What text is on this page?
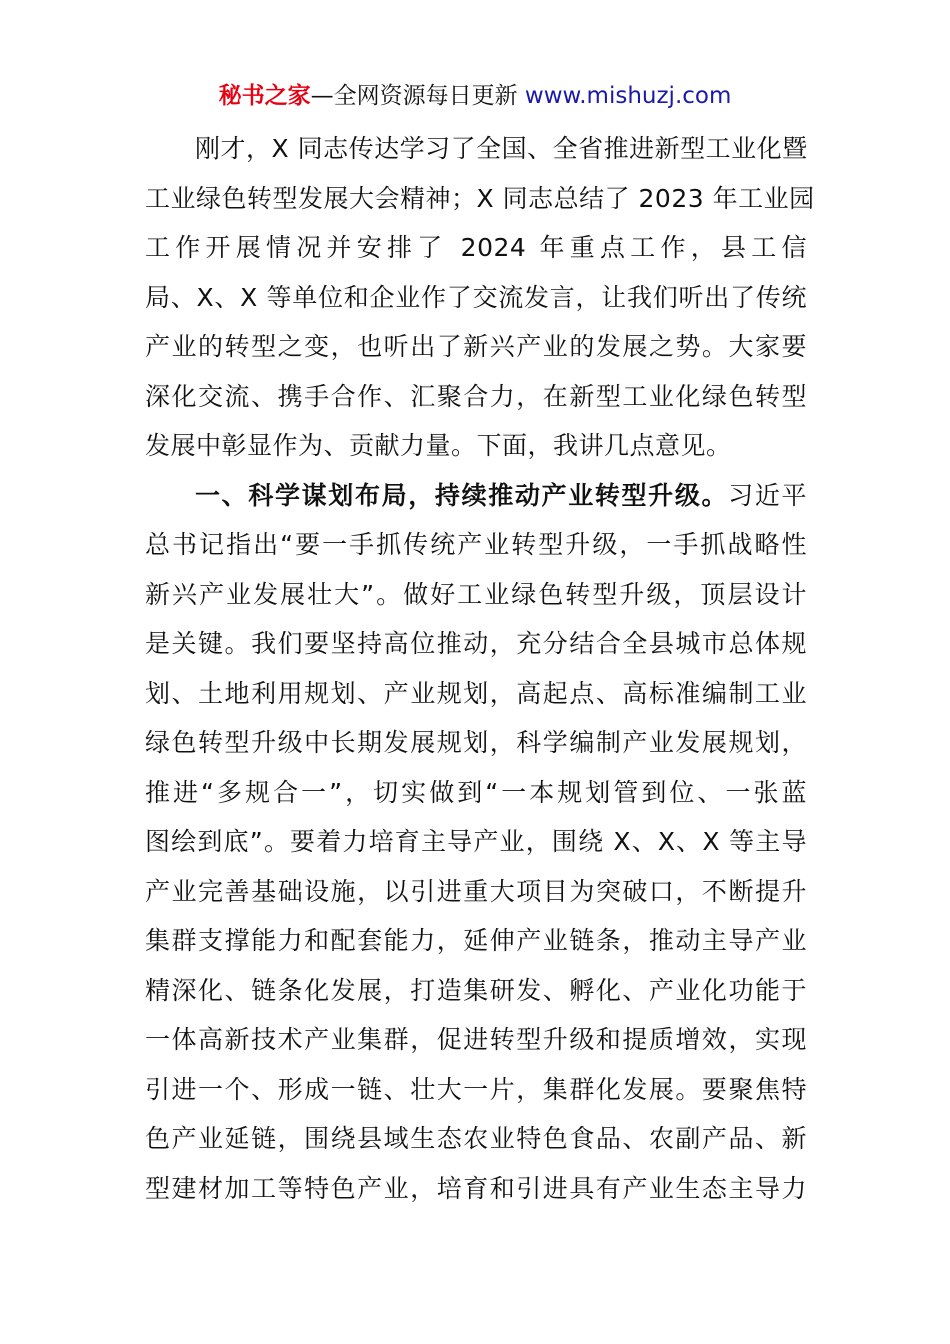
秘书之家—全网资源每日更新 www.mishuzj.com
刚才，X 同志传达学习了全国、全省推进新型工业化暨
工业绿色转型发展大会精神；X 同志总结了 2023 年工业园
工作开展情况并安排了 2024 年重点工作，县工信
局、X、X 等单位和企业作了交流发言，让我们听出了传统
产业的转型之变，也听出了新兴产业的发展之势。大家要
深化交流、携手合作、汇聚合力，在新型工业化绿色转型
发展中彰显作为、贡献力量。下面，我讲几点意见。
一、科学谋划布局，持续推动产业转型升级。习近平
总书记指出“要一手抓传统产业转型升级，一手抓战略性
新兴产业发展壮大”。做好工业绿色转型升级，顶层设计
是关键。我们要坚持高位推动，充分结合全县城市总体规
划、土地利用规划、产业规划，高起点、高标准编制工业
绿色转型升级中长期发展规划，科学编制产业发展规划，
推进“多规合一”，切实做到“一本规划管到位、一张蓝
图绘到底”。要着力培育主导产业，围绕 X、X、X 等主导
产业完善基础设施，以引进重大项目为突破口，不断提升
集群支撑能力和配套能力，延伸产业链条，推动主导产业
精深化、链条化发展，打造集研发、孵化、产业化功能于
一体高新技术产业集群，促进转型升级和提质增效，实现
引进一个、形成一链、壮大一片，集群化发展。要聚焦特
色产业延链，围绕县域生态农业特色食品、农副产品、新
型建材加工等特色产业，培育和引进具有产业生态主导力
